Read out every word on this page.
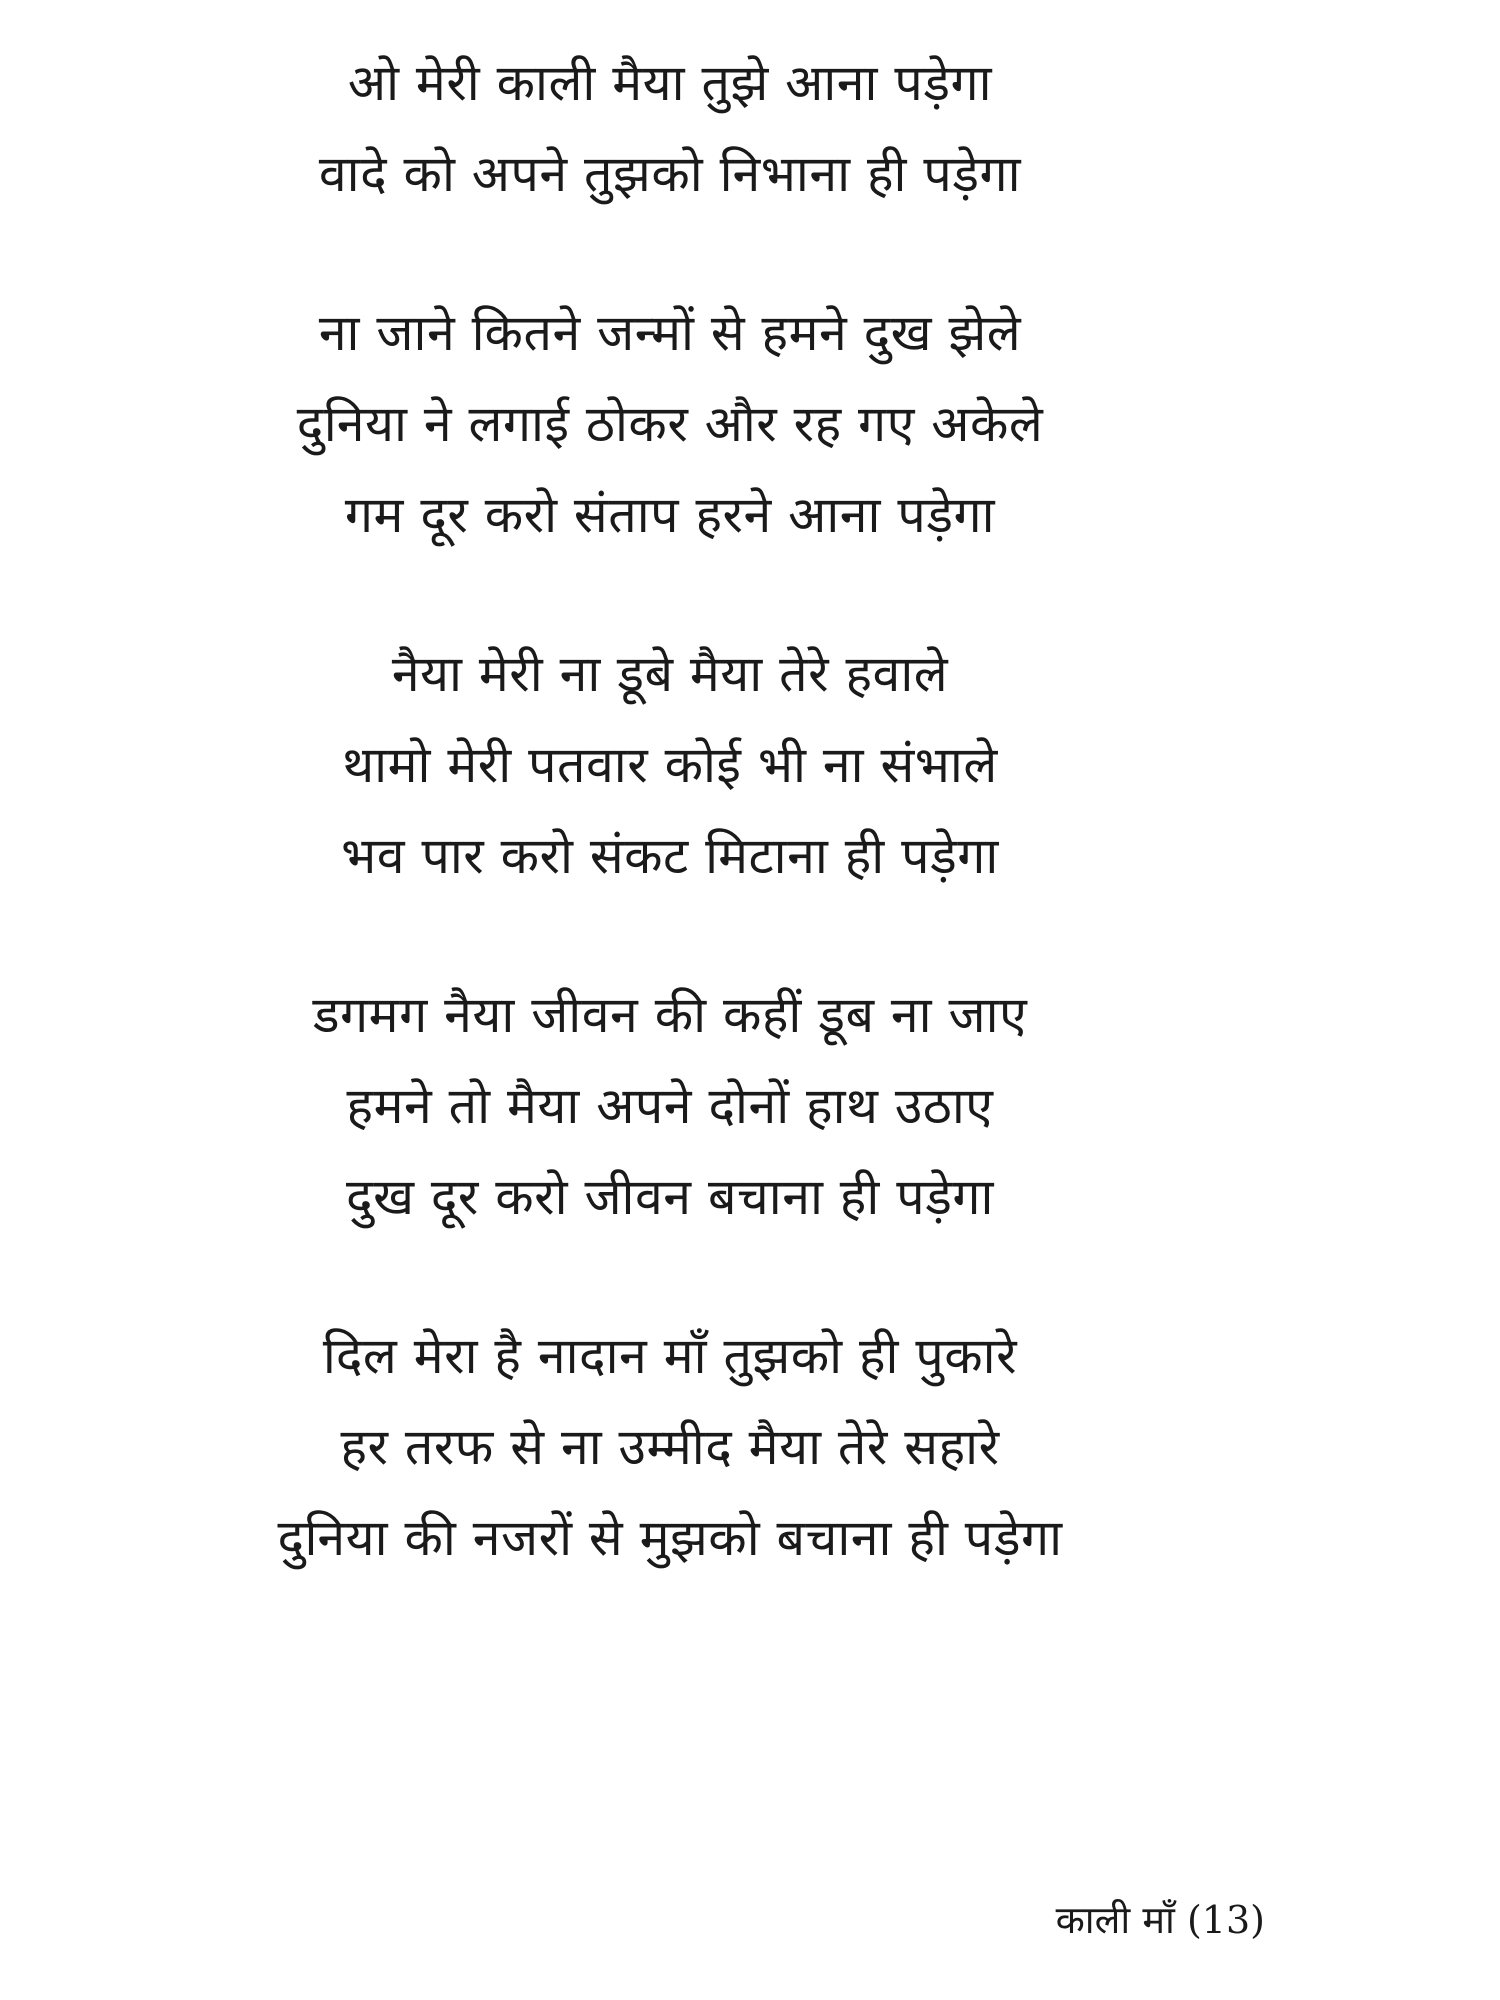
ओ मेरी काली मैया तुझे आना पड़ेगा
वादे को अपने तुझको निभाना ही पड़ेगा
ना जाने कितने जन्मों से हमने दुख झेले
दुनिया ने लगाई ठोकर और रह गए अकेले
गम दूर करो संताप हरने आना पड़ेगा
नैया मेरी ना डूबे मैया तेरे हवाले
थामो मेरी पतवार कोई भी ना संभाले
भव पार करो संकट मिटाना ही पड़ेगा
डगमग नैया जीवन की कहीं डूब ना जाए
हमने तो मैया अपने दोनों हाथ उठाए
दुख दूर करो जीवन बचाना ही पड़ेगा
दिल मेरा है नादान माँ तुझको ही पुकारे
हर तरफ से ना उम्मीद मैया तेरे सहारे
दुनिया की नजरों से मुझको बचाना ही पड़ेगा
काली माँ (13)
